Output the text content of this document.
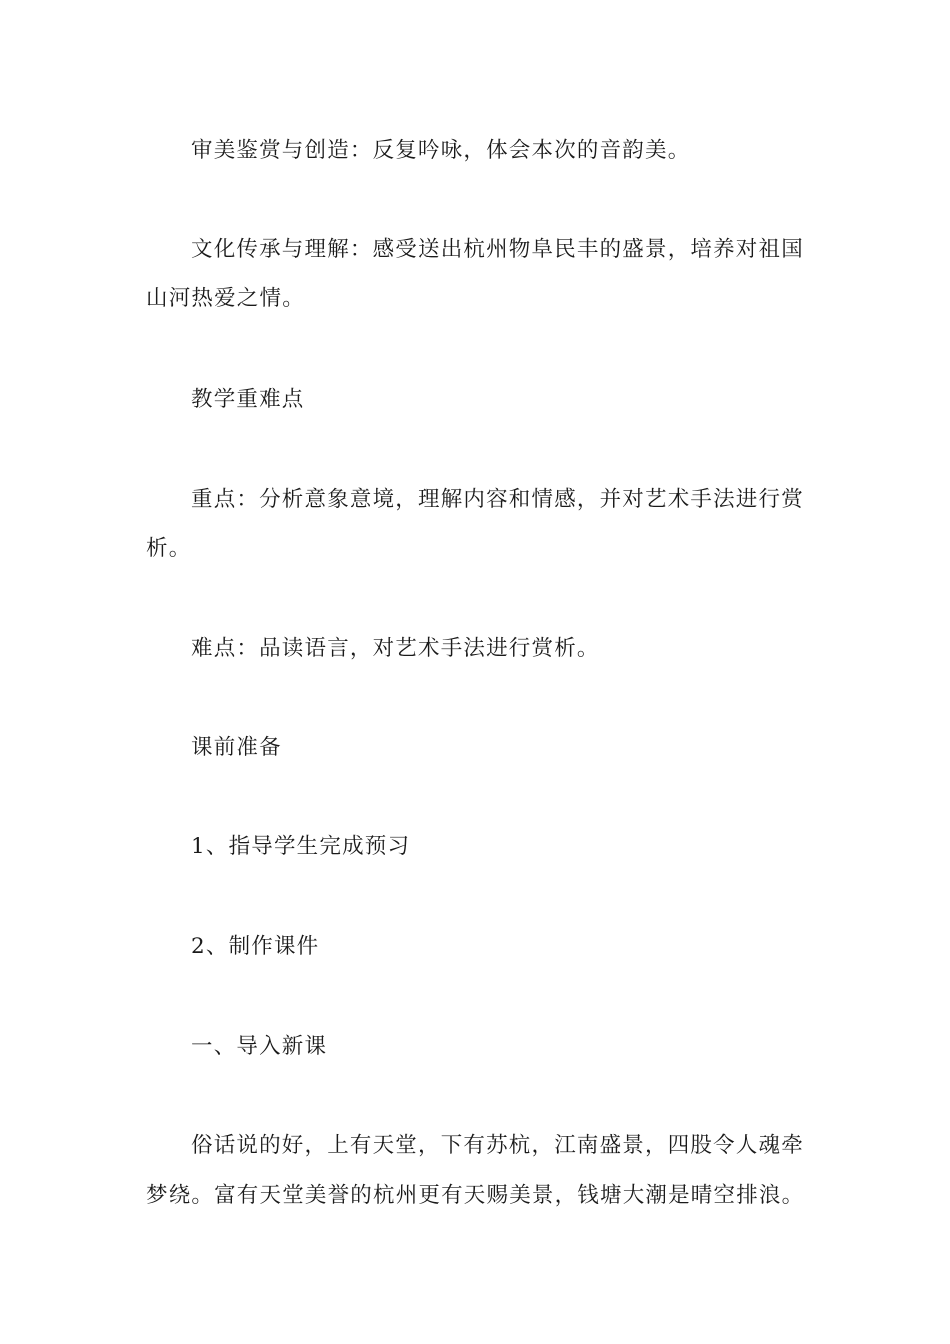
审美鉴赏与创造：反复吟咏，体会本次的音韵美。

文化传承与理解：感受送出杭州物阜民丰的盛景，培养对祖国

山河热爱之情。

教学重难点

重点：分析意象意境，理解内容和情感，并对艺术手法进行赏

析。

难点：品读语言，对艺术手法进行赏析。

课前准备

1、指导学生完成预习

2、制作课件

一、导入新课

俗话说的好，上有天堂，下有苏杭，江南盛景，四股令人魂牵

梦绕。富有天堂美誉的杭州更有天赐美景，钱塘大潮是晴空排浪。
